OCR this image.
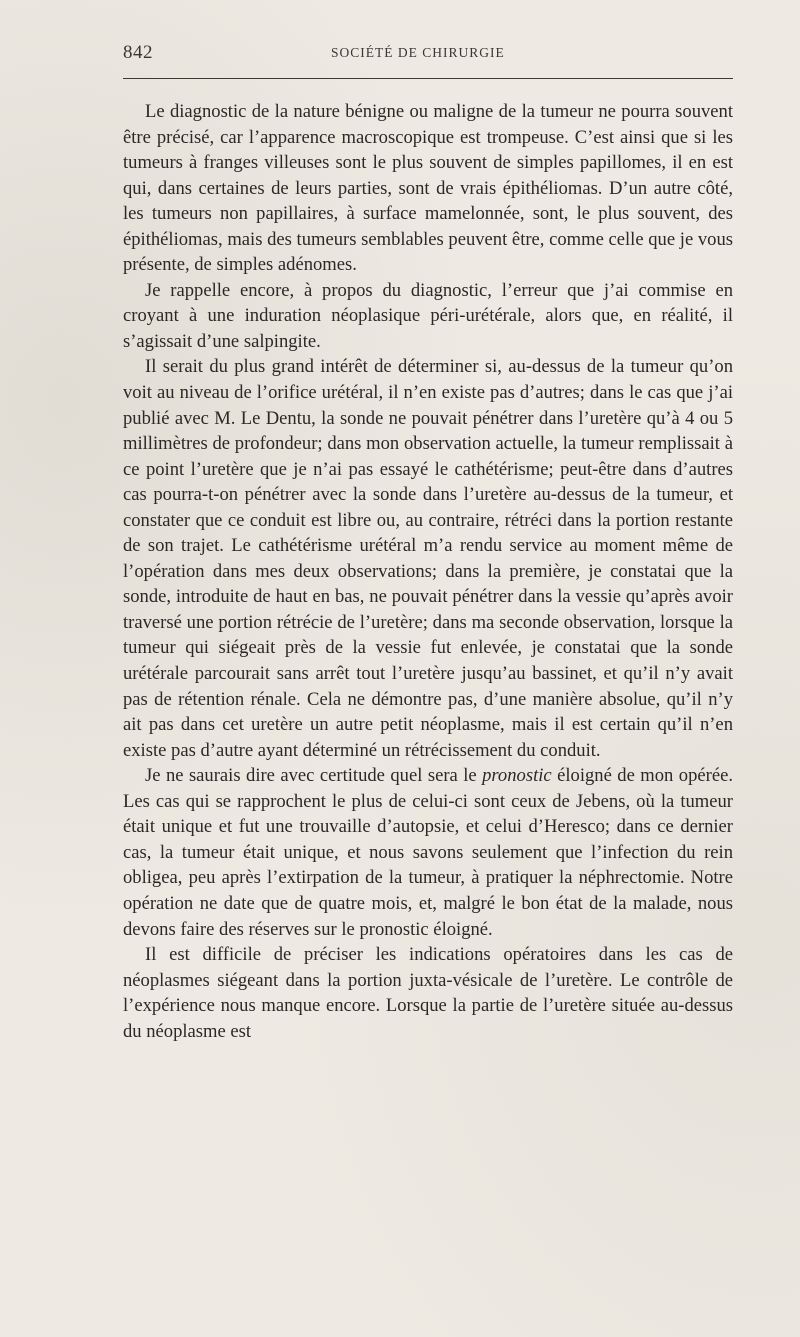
842	SOCIÉTÉ DE CHIRURGIE

Le diagnostic de la nature bénigne ou maligne de la tumeur ne pourra souvent être précisé, car l’apparence macroscopique est trompeuse. C’est ainsi que si les tumeurs à franges villeuses sont le plus souvent de simples papillomes, il en est qui, dans certaines de leurs parties, sont de vrais épithéliomas. D’un autre côté, les tumeurs non papillaires, à surface mamelonnée, sont, le plus souvent, des épithéliomas, mais des tumeurs semblables peuvent être, comme celle que je vous présente, de simples adénomes.

Je rappelle encore, à propos du diagnostic, l’erreur que j’ai commise en croyant à une induration néoplasique péri-urétérale, alors que, en réalité, il s’agissait d’une salpingite.

Il serait du plus grand intérêt de déterminer si, au-dessus de la tumeur qu’on voit au niveau de l’orifice urétéral, il n’en existe pas d’autres; dans le cas que j’ai publié avec M. Le Dentu, la sonde ne pouvait pénétrer dans l’uretère qu’à 4 ou 5 millimètres de profondeur; dans mon observation actuelle, la tumeur remplissait à ce point l’uretère que je n’ai pas essayé le cathétérisme; peut-être dans d’autres cas pourra-t-on pénétrer avec la sonde dans l’uretère au-dessus de la tumeur, et constater que ce conduit est libre ou, au contraire, rétréci dans la portion restante de son trajet. Le cathétérisme urétéral m’a rendu service au moment même de l’opération dans mes deux observations; dans la première, je constatai que la sonde, introduite de haut en bas, ne pouvait pénétrer dans la vessie qu’après avoir traversé une portion rétrécie de l’uretère; dans ma seconde observation, lorsque la tumeur qui siégeait près de la vessie fut enlevée, je constatai que la sonde urétérale parcourait sans arrêt tout l’uretère jusqu’au bassinet, et qu’il n’y avait pas de rétention rénale. Cela ne démontre pas, d’une manière absolue, qu’il n’y ait pas dans cet uretère un autre petit néoplasme, mais il est certain qu’il n’en existe pas d’autre ayant déterminé un rétrécissement du conduit.

Je ne saurais dire avec certitude quel sera le pronostic éloigné de mon opérée. Les cas qui se rapprochent le plus de celui-ci sont ceux de Jebens, où la tumeur était unique et fut une trouvaille d’autopsie, et celui d’Heresco; dans ce dernier cas, la tumeur était unique, et nous savons seulement que l’infection du rein obligea, peu après l’extirpation de la tumeur, à pratiquer la néphrectomie. Notre opération ne date que de quatre mois, et, malgré le bon état de la malade, nous devons faire des réserves sur le pronostic éloigné.

Il est difficile de préciser les indications opératoires dans les cas de néoplasmes siégeant dans la portion juxta-vésicale de l’uretère. Le contrôle de l’expérience nous manque encore. Lorsque la partie de l’uretère située au-dessus du néoplasme est
